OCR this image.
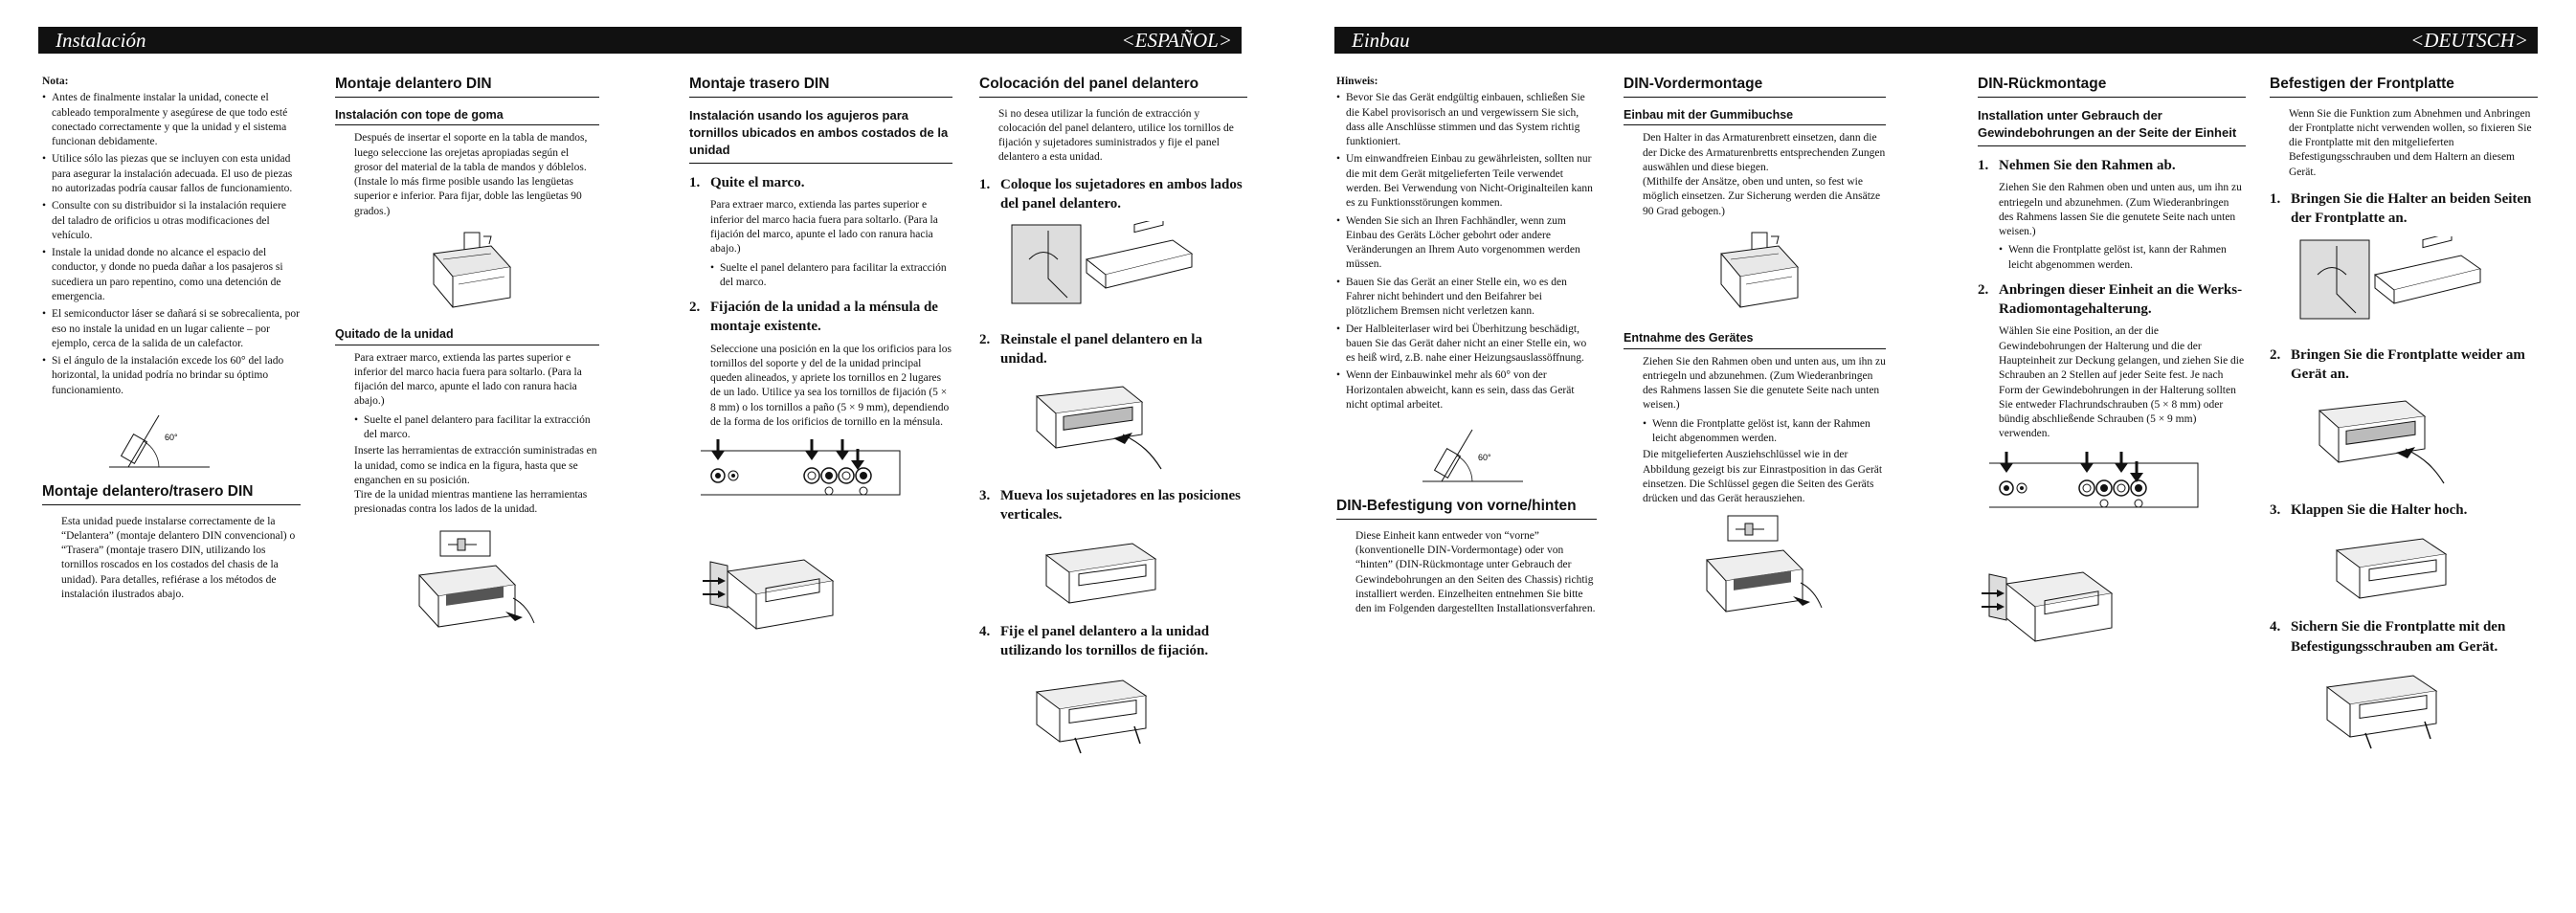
Instalación	<ESPAÑOL>
Nota:
• Antes de finalmente instalar la unidad, conecte el cableado temporalmente y asegúrese de que todo esté conectado correctamente y que la unidad y el sistema funcionan debidamente.
• Utilice sólo las piezas que se incluyen con esta unidad para asegurar la instalación adecuada. El uso de piezas no autorizadas podría causar fallos de funcionamiento.
• Consulte con su distribuidor si la instalación requiere del taladro de orificios u otras modificaciones del vehículo.
• Instale la unidad donde no alcance el espacio del conductor, y donde no pueda dañar a los pasajeros si sucediera un paro repentino, como una detención de emergencia.
• El semiconductor láser se dañará si se sobrecalienta, por eso no instale la unidad en un lugar caliente – por ejemplo, cerca de la salida de un calefactor.
• Si el ángulo de la instalación excede los 60° del lado horizontal, la unidad podría no brindar su óptimo funcionamiento.
60°
Montaje delantero/trasero DIN

Esta unidad puede instalarse correctamente de la “Delantera” (montaje delantero DIN convencional) o “Trasera” (montaje trasero DIN, utilizando los tornillos roscados en los costados del chasis de la unidad). Para detalles, refiérase a los métodos de instalación ilustrados abajo.

Montaje delantero DIN
Instalación con tope de goma

Después de insertar el soporte en la tabla de mandos, luego seleccione las orejetas apropiadas según el grosor del material de la tabla de mandos y dóblelos.
(Instale lo más firme posible usando las lengüetas superior e inferior. Para fijar, doble las lengüetas 90 grados.)

Quitado de la unidad

Para extraer marco, extienda las partes superior e inferior del marco hacia fuera para soltarlo. (Para la fijación del marco, apunte el lado con ranura hacia abajo.)

• Suelte el panel delantero para facilitar la extracción del marco.

Inserte las herramientas de extracción suministradas en la unidad, como se indica en la figura, hasta que se enganchen en su posición.
Tire de la unidad mientras mantiene las herramientas presionadas contra los lados de la unidad.

Montaje trasero DIN
Instalación usando los agujeros para tornillos ubicados en ambos costados de la unidad
1. Quite el marco.

Para extraer marco, extienda las partes superior e inferior del marco hacia fuera para soltarlo. (Para la fijación del marco, apunte el lado con ranura hacia abajo.)

• Suelte el panel delantero para facilitar la extracción del marco.
2. Fijación de la unidad a la ménsula de montaje existente.

Seleccione una posición en la que los orificios para los tornillos del soporte y del de la unidad principal queden alineados, y apriete los tornillos en 2 lugares de un lado. Utilice ya sea los tornillos de fijación (5 × 8 mm) o los tornillos a paño (5 × 9 mm), dependiendo de la forma de los orificios de tornillo en la ménsula.

Colocación del panel delantero

Si no desea utilizar la función de extracción y colocación del panel delantero, utilice los tornillos de fijación y sujetadores suministrados y fije el panel delantero a esta unidad.

1. Coloque los sujetadores en ambos lados del panel delantero.
2. Reinstale el panel delantero en la unidad.
3. Mueva los sujetadores en las posiciones verticales.
4. Fije el panel delantero a la unidad utilizando los tornillos de fijación.
Einbau	<DEUTSCH>
Hinweis:
• Bevor Sie das Gerät endgültig einbauen, schließen Sie die Kabel provisorisch an und vergewissern Sie sich, dass alle Anschlüsse stimmen und das System richtig funktioniert.
• Um einwandfreien Einbau zu gewährleisten, sollten nur die mit dem Gerät mitgelieferten Teile verwendet werden. Bei Verwendung von Nicht-Originalteilen kann es zu Funktionsstörungen kommen.
• Wenden Sie sich an Ihren Fachhändler, wenn zum Einbau des Geräts Löcher gebohrt oder andere Veränderungen an Ihrem Auto vorgenommen werden müssen.
• Bauen Sie das Gerät an einer Stelle ein, wo es den Fahrer nicht behindert und den Beifahrer bei plötzlichem Bremsen nicht verletzen kann.
• Der Halbleiterlaser wird bei Überhitzung beschädigt, bauen Sie das Gerät daher nicht an einer Stelle ein, wo es heiß wird, z.B. nahe einer Heizungsauslassöffnung.
• Wenn der Einbauwinkel mehr als 60° von der Horizontalen abweicht, kann es sein, dass das Gerät nicht optimal arbeitet.
60°
DIN-Befestigung von vorne/hinten

Diese Einheit kann entweder von “vorne” (konventionelle DIN-Vordermontage) oder von “hinten” (DIN-Rückmontage unter Gebrauch der Gewindebohrungen an den Seiten des Chassis) richtig installiert werden. Einzelheiten entnehmen Sie bitte den im Folgenden dargestellten Installationsverfahren.

DIN-Vordermontage
Einbau mit der Gummibuchse

Den Halter in das Armaturenbrett einsetzen, dann die der Dicke des Armaturenbretts entsprechenden Zungen auswählen und diese biegen.
(Mithilfe der Ansätze, oben und unten, so fest wie möglich einsetzen. Zur Sicherung werden die Ansätze 90 Grad gebogen.)

Entnahme des Gerätes

Ziehen Sie den Rahmen oben und unten aus, um ihn zu entriegeln und abzunehmen. (Zum Wiederanbringen des Rahmens lassen Sie die genutete Seite nach unten weisen.)

• Wenn die Frontplatte gelöst ist, kann der Rahmen leicht abgenommen werden.

Die mitgelieferten Ausziehschlüssel wie in der Abbildung gezeigt bis zur Einrastposition in das Gerät einsetzen. Die Schlüssel gegen die Seiten des Geräts drücken und das Gerät herausziehen.

DIN-Rückmontage
Installation unter Gebrauch der Gewindebohrungen an der Seite der Einheit
1. Nehmen Sie den Rahmen ab.

Ziehen Sie den Rahmen oben und unten aus, um ihn zu entriegeln und abzunehmen. (Zum Wiederanbringen des Rahmens lassen Sie die genutete Seite nach unten weisen.)

• Wenn die Frontplatte gelöst ist, kann der Rahmen leicht abgenommen werden.
2. Anbringen dieser Einheit an die Werks-Radiomontagehalterung.

Wählen Sie eine Position, an der die Gewindebohrungen der Halterung und die der Haupteinheit zur Deckung gelangen, und ziehen Sie die Schrauben an 2 Stellen auf jeder Seite fest. Je nach Form der Gewindebohrungen in der Halterung sollten Sie entweder Flachrundschrauben (5 × 8 mm) oder bündig abschließende Schrauben (5 × 9 mm) verwenden.

Befestigen der Frontplatte

Wenn Sie die Funktion zum Abnehmen und Anbringen der Frontplatte nicht verwenden wollen, so fixieren Sie die Frontplatte mit den mitgelieferten Befestigungsschrauben und dem Haltern an diesem Gerät.

1. Bringen Sie die Halter an beiden Seiten der Frontplatte an.
2. Bringen Sie die Frontplatte weider am Gerät an.
3. Klappen Sie die Halter hoch.
4. Sichern Sie die Frontplatte mit den Befestigungsschrauben am Gerät.
